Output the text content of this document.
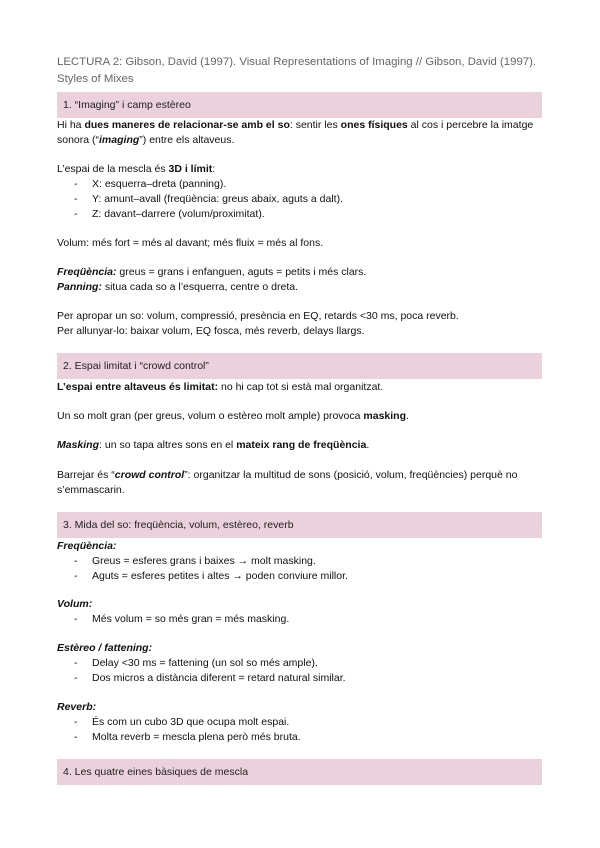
LECTURA 2: Gibson, David (1997). Visual Representations of Imaging // Gibson, David (1997). Styles of Mixes
1. “Imaging” i camp estèreo

Hi ha dues maneres de relacionar-se amb el so: sentir les ones físiques al cos i percebre la imatge sonora (“imaging”) entre els altaveus.

L’espai de la mescla és 3D i límit:

- X: esquerra–dreta (panning).
- Y: amunt–avall (freqüència: greus abaix, aguts a dalt).
- Z: davant–darrere (volum/proximitat).
Volum: més fort = més al davant; més fluix = més al fons.

Freqüència: greus = grans i enfanguen, aguts = petits i més clars.

Panning: situa cada so a l’esquerra, centre o dreta.

Per apropar un so: volum, compressió, presència en EQ, retards <30 ms, poca reverb.

Per allunyar-lo: baixar volum, EQ fosca, més reverb, delays llargs.

2. Espai limitat i “crowd control”
L’espai entre altaveus és limitat: no hi cap tot si està mal organitzat.
Un so molt gran (per greus, volum o estèreo molt ample) provoca masking.
Masking: un so tapa altres sons en el mateix rang de freqüència.
Barrejar és “crowd control”: organitzar la multitud de sons (posició, volum, freqüències) perquè no s’emmascarin.
3. Mida del so: freqüència, volum, estèreo, reverb

Freqüència:

- Greus = esferes grans i baixes → molt masking.
- Aguts = esferes petites i altes → poden conviure millor.

Volum:

- Més volum = so més gran = més masking.

Estèreo / fattening:

- Delay <30 ms = fattening (un sol so més ample).
- Dos micros a distància diferent = retard natural similar.

Reverb:

- És com un cubo 3D que ocupa molt espai.
- Molta reverb = mescla plena però més bruta.
4. Les quatre eines bàsiques de mescla
